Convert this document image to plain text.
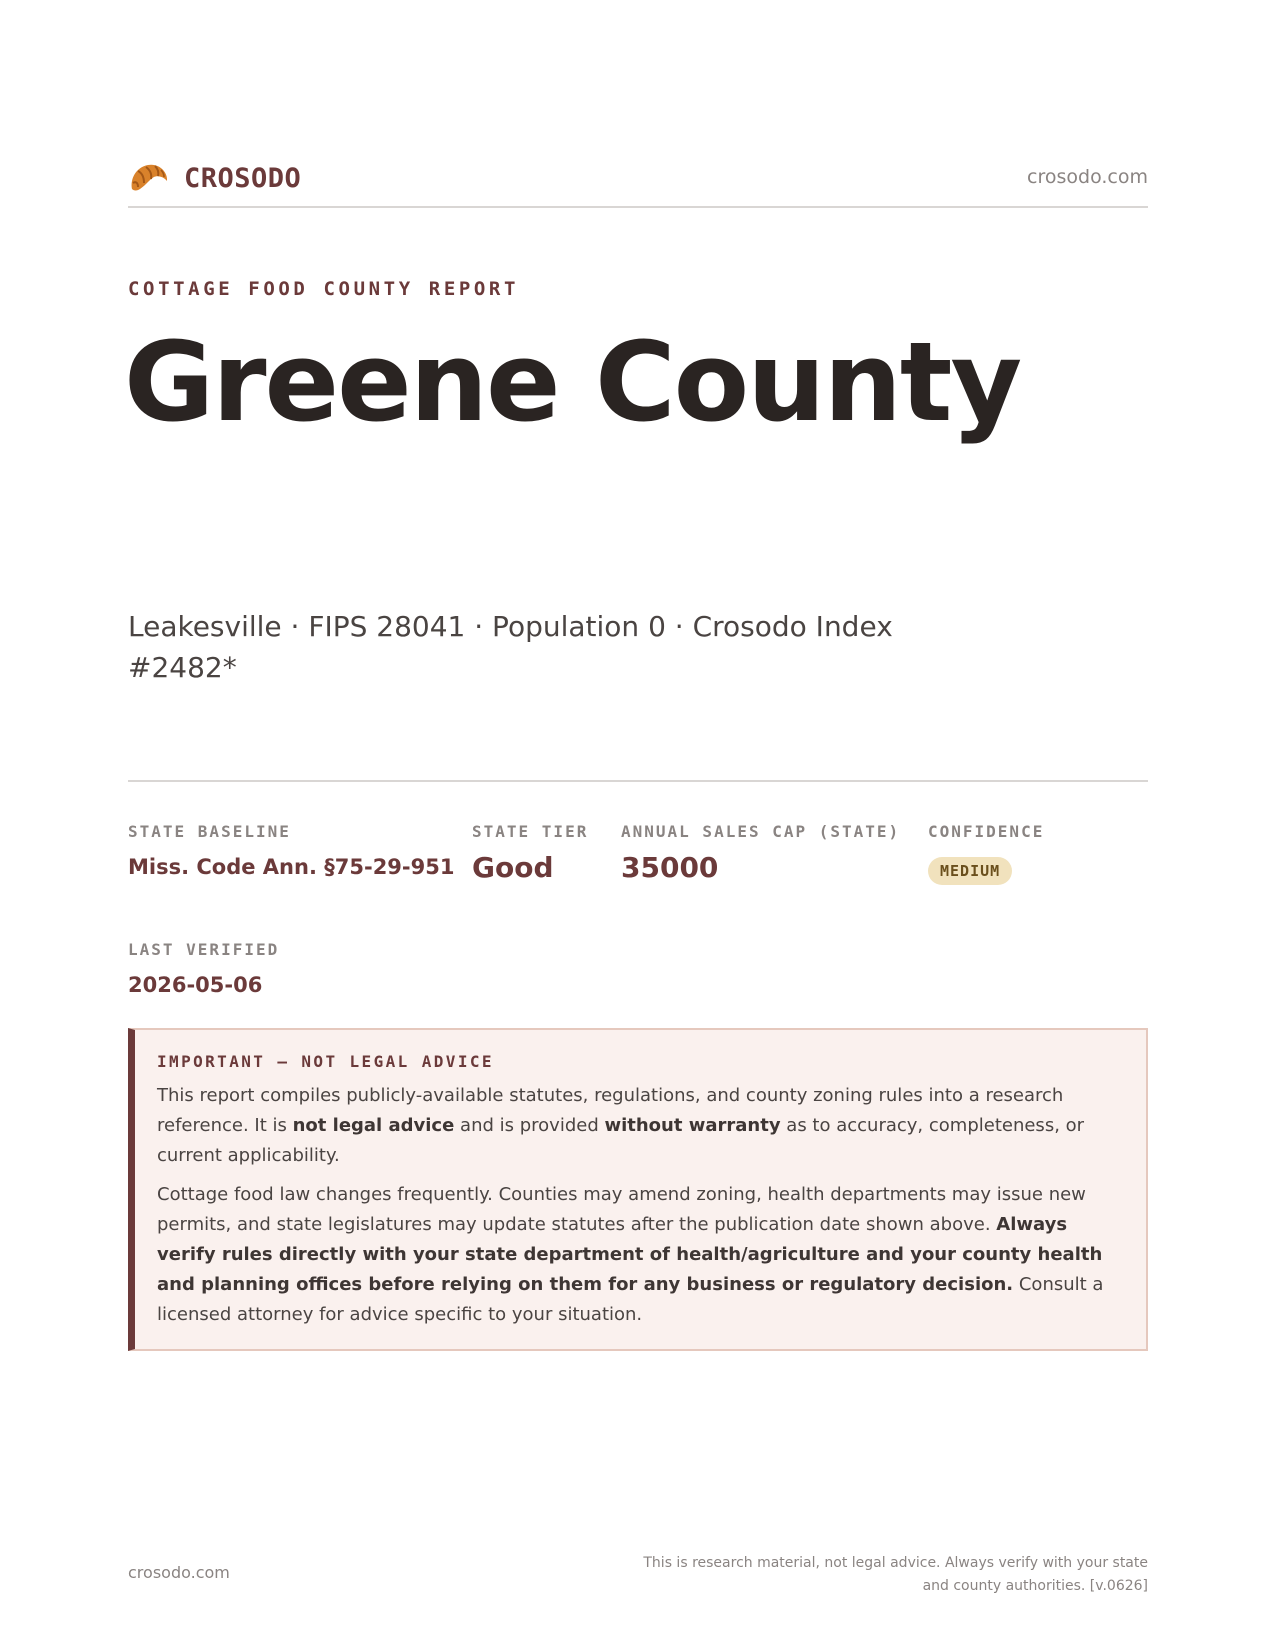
CROSODO	crosodo.com
COTTAGE FOOD COUNTY REPORT
Greene County
Leakesville · FIPS 28041 · Population 0 · Crosodo Index #2482*
STATE BASELINE
Miss. Code Ann. §75-29-951
STATE TIER
Good
ANNUAL SALES CAP (STATE)
35000
CONFIDENCE
MEDIUM
LAST VERIFIED
2026-05-06
IMPORTANT — NOT LEGAL ADVICE

This report compiles publicly-available statutes, regulations, and county zoning rules into a research reference. It is not legal advice and is provided without warranty as to accuracy, completeness, or current applicability.

Cottage food law changes frequently. Counties may amend zoning, health departments may issue new permits, and state legislatures may update statutes after the publication date shown above. Always verify rules directly with your state department of health/agriculture and your county health and planning offices before relying on them for any business or regulatory decision. Consult a licensed attorney for advice specific to your situation.

crosodo.com	This is research material, not legal advice. Always verify with your state and county authorities. [v.0626]
